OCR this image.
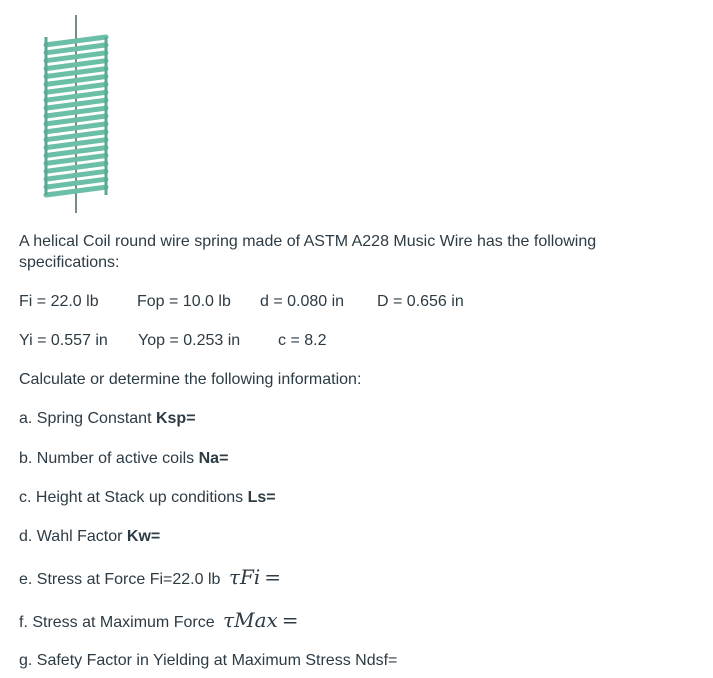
A helical Coil round wire spring made of ASTM A228 Music Wire has the following specifications:
Fi = 22.0 lb Fop = 10.0 lb d = 0.080 in D = 0.656 in
Yi = 0.557 in Yop = 0.253 in c = 8.2
Calculate or determine the following information:
a. Spring Constant Ksp=
b. Number of active coils Na=
c. Height at Stack up conditions Ls=
d. Wahl Factor Kw=
e. Stress at Force Fi=22.0 lb τFi =
f. Stress at Maximum Force τMax =
g. Safety Factor in Yielding at Maximum Stress Ndsf=
